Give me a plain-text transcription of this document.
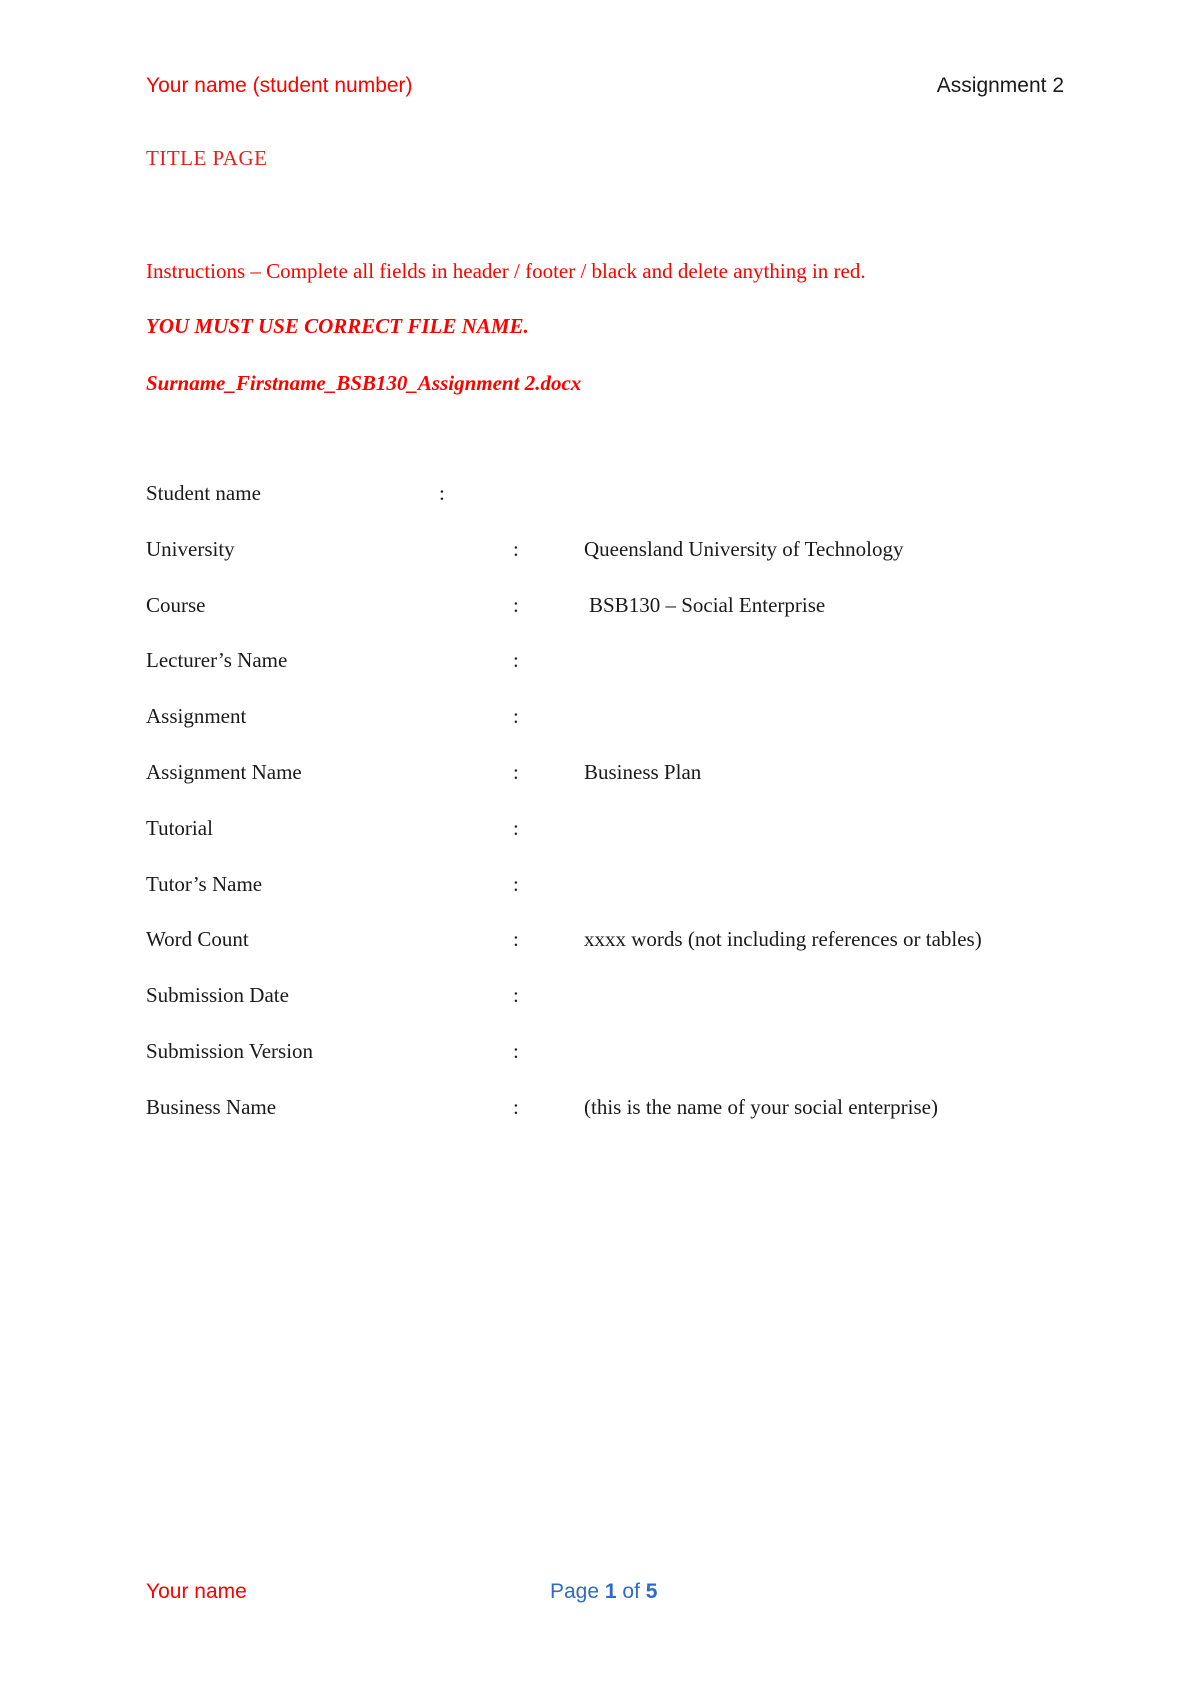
Your name (student number)	Assignment 2
TITLE PAGE
Instructions – Complete all fields in header / footer / black and delete anything in red.
YOU MUST USE CORRECT FILE NAME.
Surname_Firstname_BSB130_Assignment 2.docx
Student name	:
University	:	Queensland University of Technology
Course	:	BSB130 – Social Enterprise
Lecturer’s Name	:
Assignment	:
Assignment Name	:	Business Plan
Tutorial	:
Tutor’s Name	:
Word Count	:	xxxx words (not including references or tables)
Submission Date	:
Submission Version	:
Business Name	:	(this is the name of your social enterprise)
Your name	Page 1 of 5
